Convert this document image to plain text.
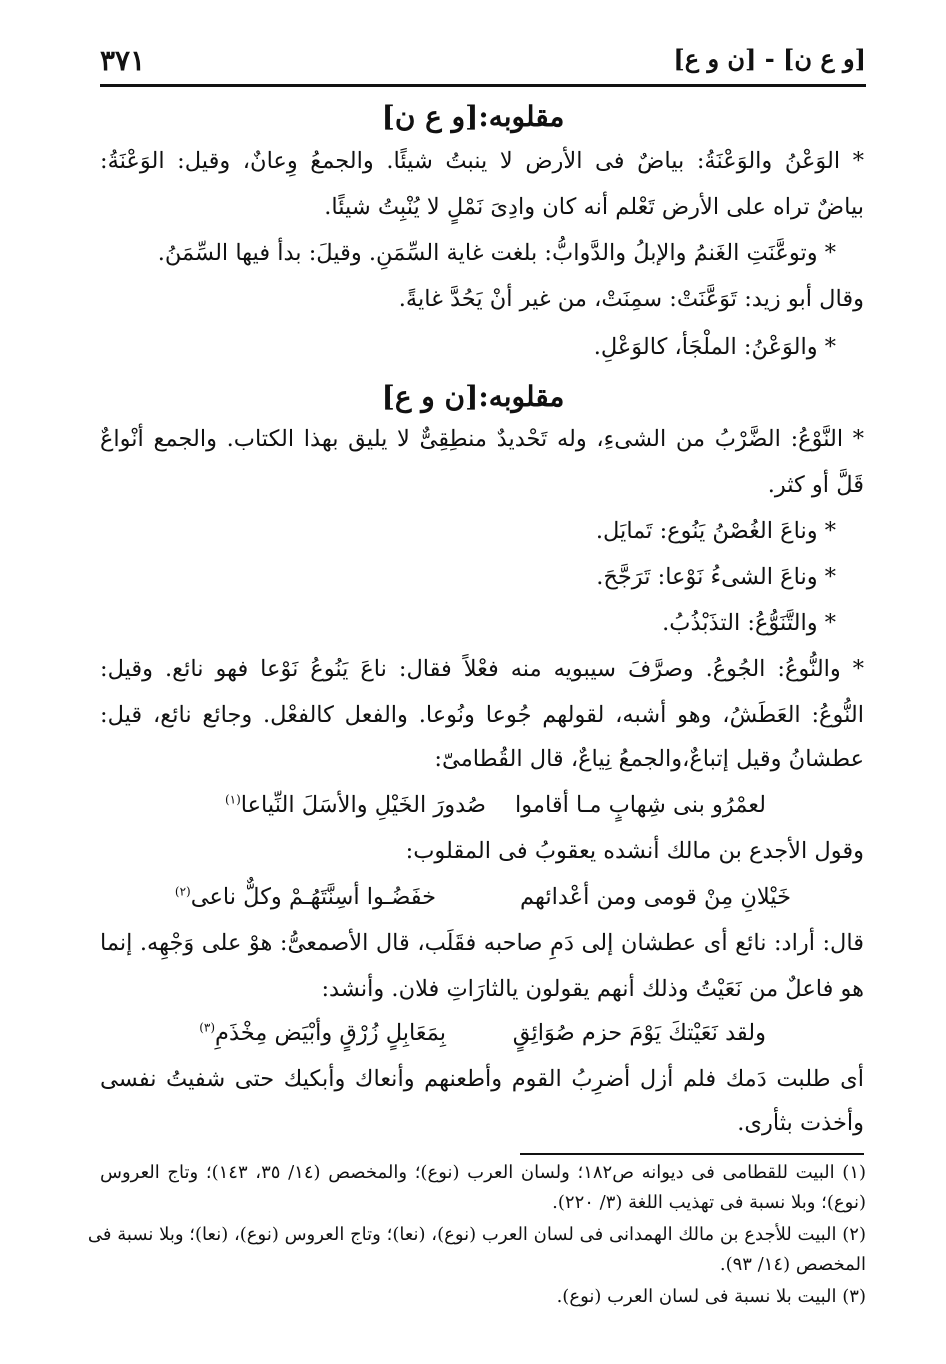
[و ع ن] - [ن و ع]
٣٧١
مقلوبه:[و ع ن]
* الوَعْنُ والوَعْنَةُ: بياضٌ فى الأرض لا ينبتُ شيئًا. والجمعُ وِعانٌ، وقيل: الوَعْنَةُ:
بياضٌ تراه على الأرض تَعْلم أنه كان وادِىَ نَمْلٍ لا يُنْبِتُ شيئًا.
* وتوعَّنَتِ الغَنمُ والإبلُ والدَّوابُّ: بلغت غاية السِّمَنِ. وقيلَ: بدأ فيها السِّمَنُ.
وقال أبو زيد: تَوَعَّنَتْ: سمِنَتْ، من غير أنْ يَحُدَّ غايةً.
* والوَعْنُ: الملْجَأ، كالوَعْلِ.
مقلوبه:[ن و ع]
* النَّوْعُ: الضَّرْبُ من الشىءِ، وله تَحْديدٌ منطِقِىٌّ لا يليق بهذا الكتاب. والجمع أنْواعٌ
قَلَّ أو كثر.
* وناعَ الغُصْنُ يَنُوع: تَمايَل.
* وناعَ الشىءُ نَوْعا: تَرَجَّحَ.
* والتَّنَوُّعُ: التذَبْذُبُ.
* والنُّوعُ: الجُوعُ. وصرَّفَ سيبويه منه فعْلاً فقال: ناعَ يَنُوعُ نَوْعا فهو نائع. وقيل:
النُّوعُ: العَطَشُ، وهو أشبه، لقولهم جُوعا ونُوعا. والفعل كالفعْل. وجائع نائع، قيل:
عطشانُ وقيل إتباعٌ،والجمعُ نِياعٌ، قال القُطامىّ:
لعمْرُو بنى شِهابٍ مـا أقاموا
صُدورَ الخَيْلِ والأسَلَ النِّياعا$^{(١)}$
وقول الأجدع بن مالك أنشده يعقوبُ فى المقلوب:
خَيْلانِ مِنْ قومى ومن أعْدائهم
خفَضُـوا أسِنَّتَهُـمْ وكلٌّ ناعى$^{(٢)}$
قال: أراد: نائع أى عطشان إلى دَمِ صاحبه فقَلَب، قال الأصمعىُّ: هوْ على وَجْهِه. إنما
هو فاعلٌ من نَعَيْتُ وذلك أنهم يقولون يالثارَاتِ فلان. وأنشد:
ولقد نَعَيْتكَ يَوْمَ حزم صُوَائِقٍ
بِمَعَابِلٍ زُرْقٍ وأبْيَض مِخْذَمِ$^{(٣)}$
أى طلبت دَمك فلم أزل أضرِبُ القوم وأطعنهم وأنعاك وأبكيك حتى شفيتُ نفسى
وأخذت بثأرى.
(١) البيت للقطامى فى ديوانه ص١٨٢؛ ولسان العرب (نوع)؛ والمخصص (١٤/ ٣٥، ١٤٣)؛ وتاج العروس
(نوع)؛ وبلا نسبة فى تهذيب اللغة (٣/ ٢٢٠).
(٢) البيت للأجدع بن مالك الهمدانى فى لسان العرب (نوع)، (نعا)؛ وتاج العروس (نوع)، (نعا)؛ وبلا نسبة فى
المخصص (١٤/ ٩٣).
(٣) البيت بلا نسبة فى لسان العرب (نوع).
